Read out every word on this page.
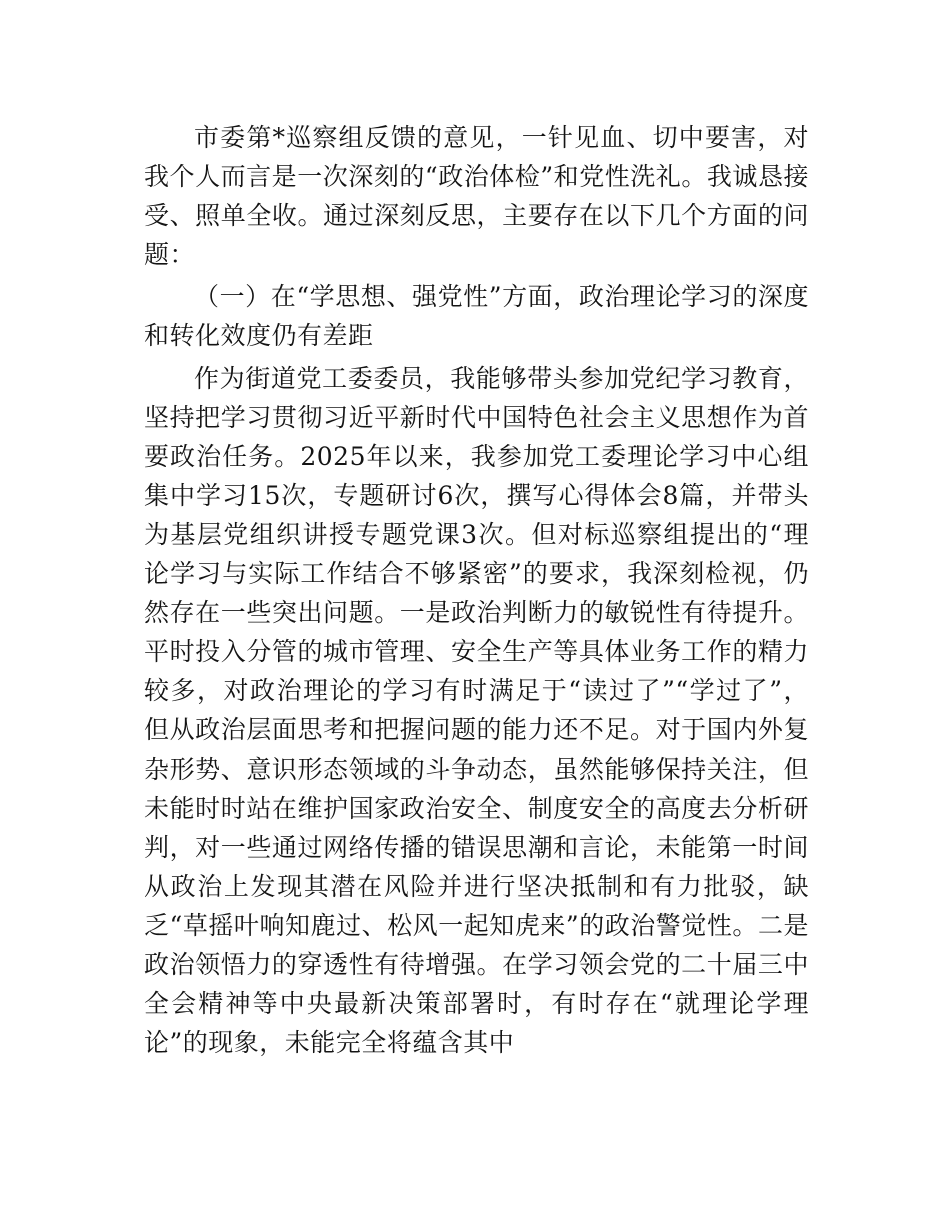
市委第*巡察组反馈的意见，一针见血、切中要害，对我个人而言是一次深刻的“政治体检”和党性洗礼。我诚恳接受、照单全收。通过深刻反思，主要存在以下几个方面的问题：

（一）在“学思想、强党性”方面，政治理论学习的深度和转化效度仍有差距

作为街道党工委委员，我能够带头参加党纪学习教育，坚持把学习贯彻习近平新时代中国特色社会主义思想作为首要政治任务。2025年以来，我参加党工委理论学习中心组集中学习15次，专题研讨6次，撰写心得体会8篇，并带头为基层党组织讲授专题党课3次。但对标巡察组提出的“理论学习与实际工作结合不够紧密”的要求，我深刻检视，仍然存在一些突出问题。一是政治判断力的敏锐性有待提升。平时投入分管的城市管理、安全生产等具体业务工作的精力较多，对政治理论的学习有时满足于“读过了”“学过了”，但从政治层面思考和把握问题的能力还不足。对于国内外复杂形势、意识形态领域的斗争动态，虽然能够保持关注，但未能时时站在维护国家政治安全、制度安全的高度去分析研判，对一些通过网络传播的错误思潮和言论，未能第一时间从政治上发现其潜在风险并进行坚决抵制和有力批驳，缺乏“草摇叶响知鹿过、松风一起知虎来”的政治警觉性。二是政治领悟力的穿透性有待增强。在学习领会党的二十届三中全会精神等中央最新决策部署时，有时存在“就理论学理论”的现象，未能完全将蕴含其中
